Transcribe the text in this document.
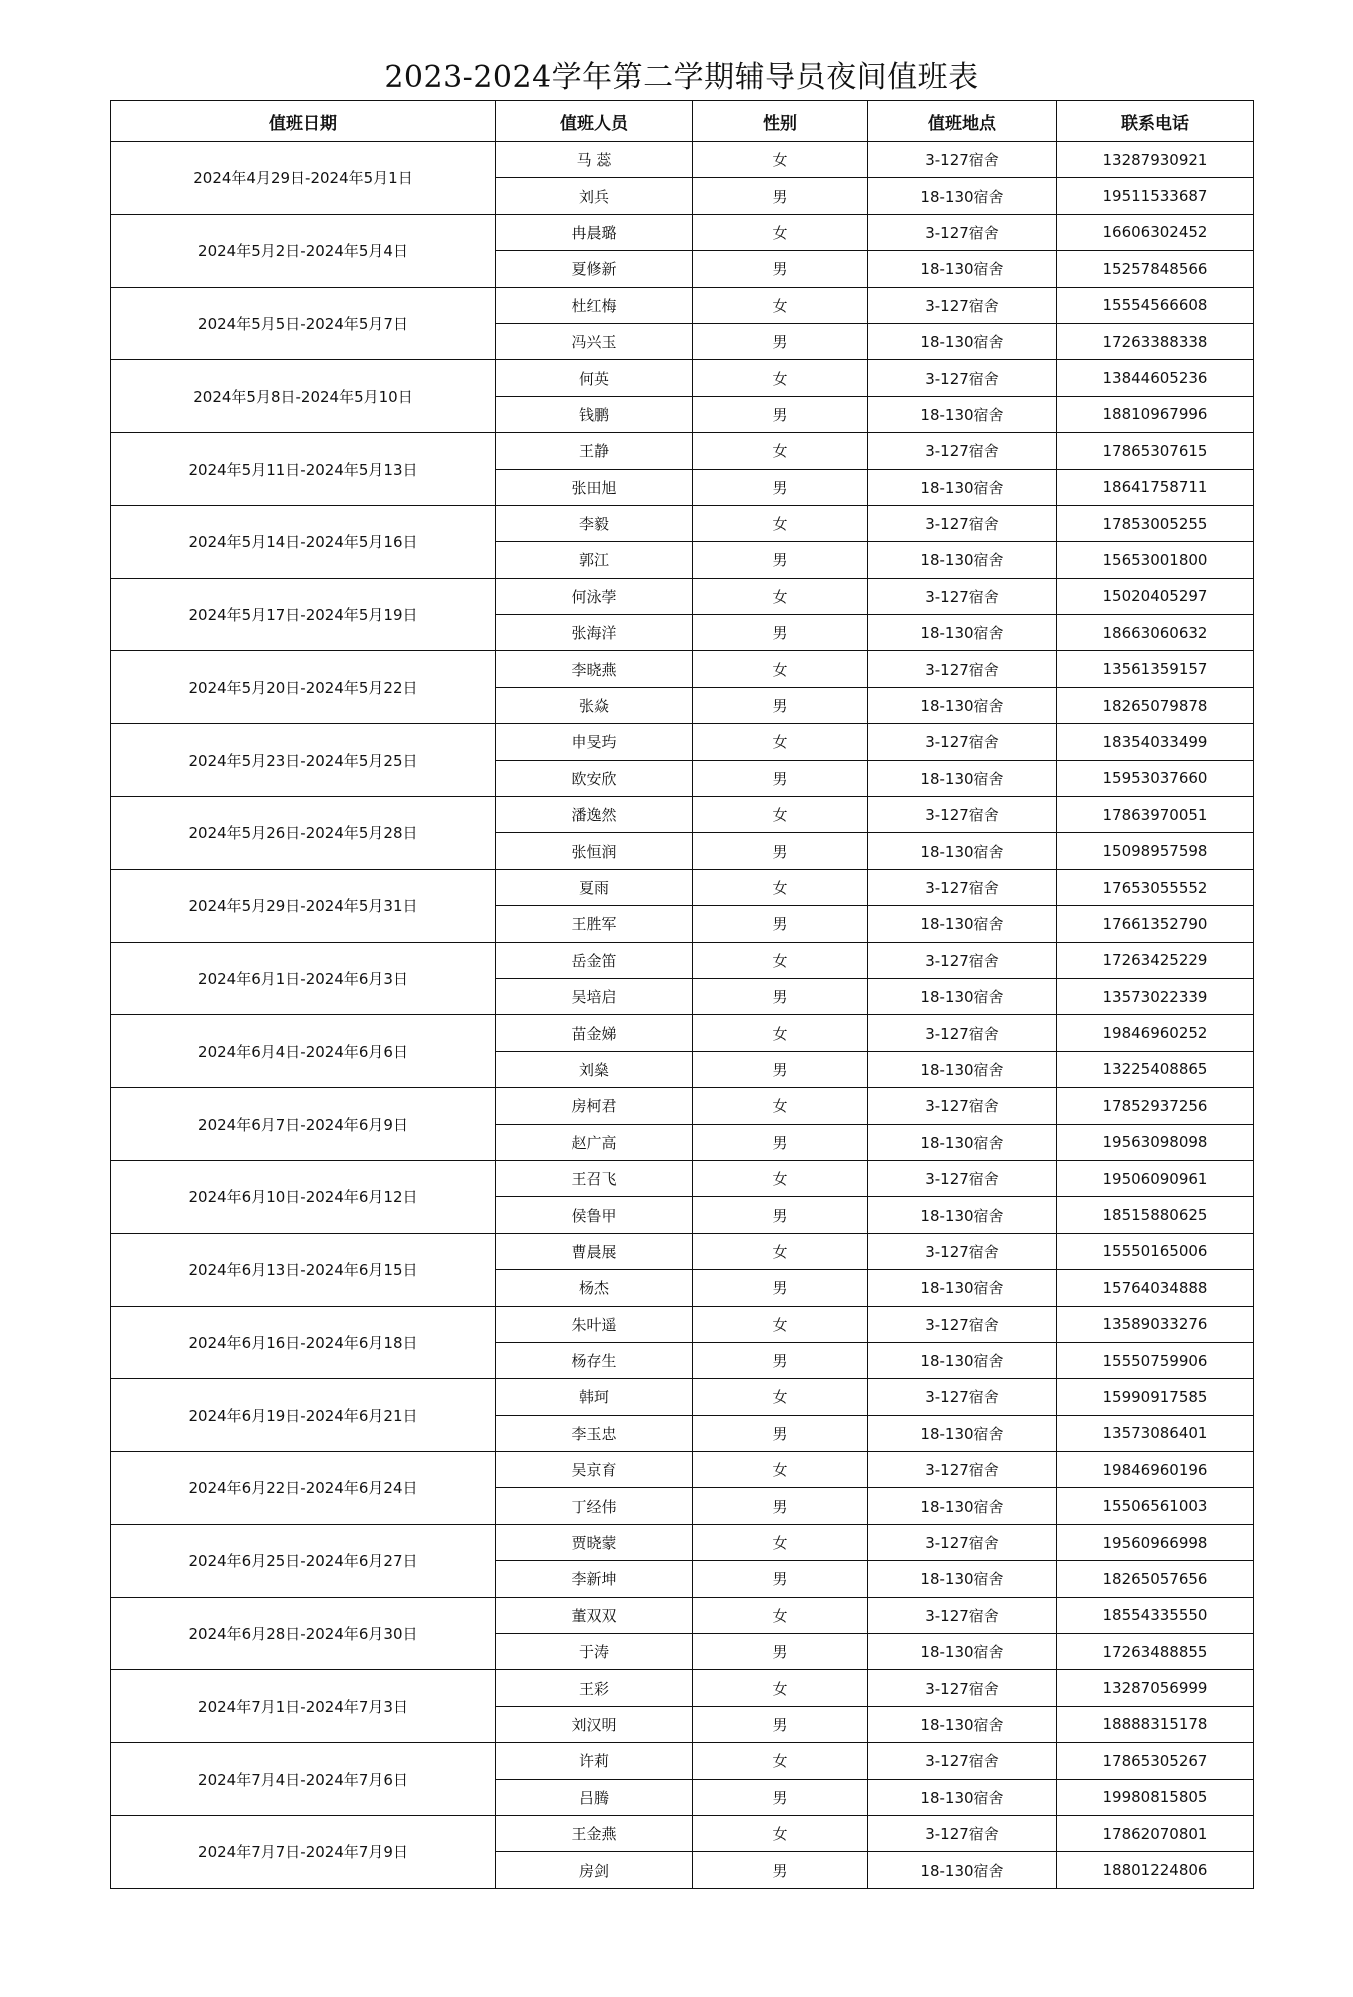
2023-2024学年第二学期辅导员夜间值班表
值班日期	值班人员	性别	值班地点	联系电话
2024年4月29日-2024年5月1日	马 蕊	女	3-127宿舍	13287930921
	刘兵	男	18-130宿舍	19511533687
2024年5月2日-2024年5月4日	冉晨璐	女	3-127宿舍	16606302452
	夏修新	男	18-130宿舍	15257848566
2024年5月5日-2024年5月7日	杜红梅	女	3-127宿舍	15554566608
	冯兴玉	男	18-130宿舍	17263388338
2024年5月8日-2024年5月10日	何英	女	3-127宿舍	13844605236
	钱鹏	男	18-130宿舍	18810967996
2024年5月11日-2024年5月13日	王静	女	3-127宿舍	17865307615
	张田旭	男	18-130宿舍	18641758711
2024年5月14日-2024年5月16日	李毅	女	3-127宿舍	17853005255
	郭江	男	18-130宿舍	15653001800
2024年5月17日-2024年5月19日	何泳荸	女	3-127宿舍	15020405297
	张海洋	男	18-130宿舍	18663060632
2024年5月20日-2024年5月22日	李晓燕	女	3-127宿舍	13561359157
	张焱	男	18-130宿舍	18265079878
2024年5月23日-2024年5月25日	申旻玙	女	3-127宿舍	18354033499
	欧安欣	男	18-130宿舍	15953037660
2024年5月26日-2024年5月28日	潘逸然	女	3-127宿舍	17863970051
	张恒润	男	18-130宿舍	15098957598
2024年5月29日-2024年5月31日	夏雨	女	3-127宿舍	17653055552
	王胜军	男	18-130宿舍	17661352790
2024年6月1日-2024年6月3日	岳金笛	女	3-127宿舍	17263425229
	吴培启	男	18-130宿舍	13573022339
2024年6月4日-2024年6月6日	苗金娣	女	3-127宿舍	19846960252
	刘燊	男	18-130宿舍	13225408865
2024年6月7日-2024年6月9日	房柯君	女	3-127宿舍	17852937256
	赵广高	男	18-130宿舍	19563098098
2024年6月10日-2024年6月12日	王召飞	女	3-127宿舍	19506090961
	侯鲁甲	男	18-130宿舍	18515880625
2024年6月13日-2024年6月15日	曹晨展	女	3-127宿舍	15550165006
	杨杰	男	18-130宿舍	15764034888
2024年6月16日-2024年6月18日	朱叶遥	女	3-127宿舍	13589033276
	杨存生	男	18-130宿舍	15550759906
2024年6月19日-2024年6月21日	韩珂	女	3-127宿舍	15990917585
	李玉忠	男	18-130宿舍	13573086401
2024年6月22日-2024年6月24日	吴京育	女	3-127宿舍	19846960196
	丁经伟	男	18-130宿舍	15506561003
2024年6月25日-2024年6月27日	贾晓蒙	女	3-127宿舍	19560966998
	李新坤	男	18-130宿舍	18265057656
2024年6月28日-2024年6月30日	董双双	女	3-127宿舍	18554335550
	于涛	男	18-130宿舍	17263488855
2024年7月1日-2024年7月3日	王彩	女	3-127宿舍	13287056999
	刘汉明	男	18-130宿舍	18888315178
2024年7月4日-2024年7月6日	许莉	女	3-127宿舍	17865305267
	吕腾	男	18-130宿舍	19980815805
2024年7月7日-2024年7月9日	王金燕	女	3-127宿舍	17862070801
	房剑	男	18-130宿舍	18801224806
